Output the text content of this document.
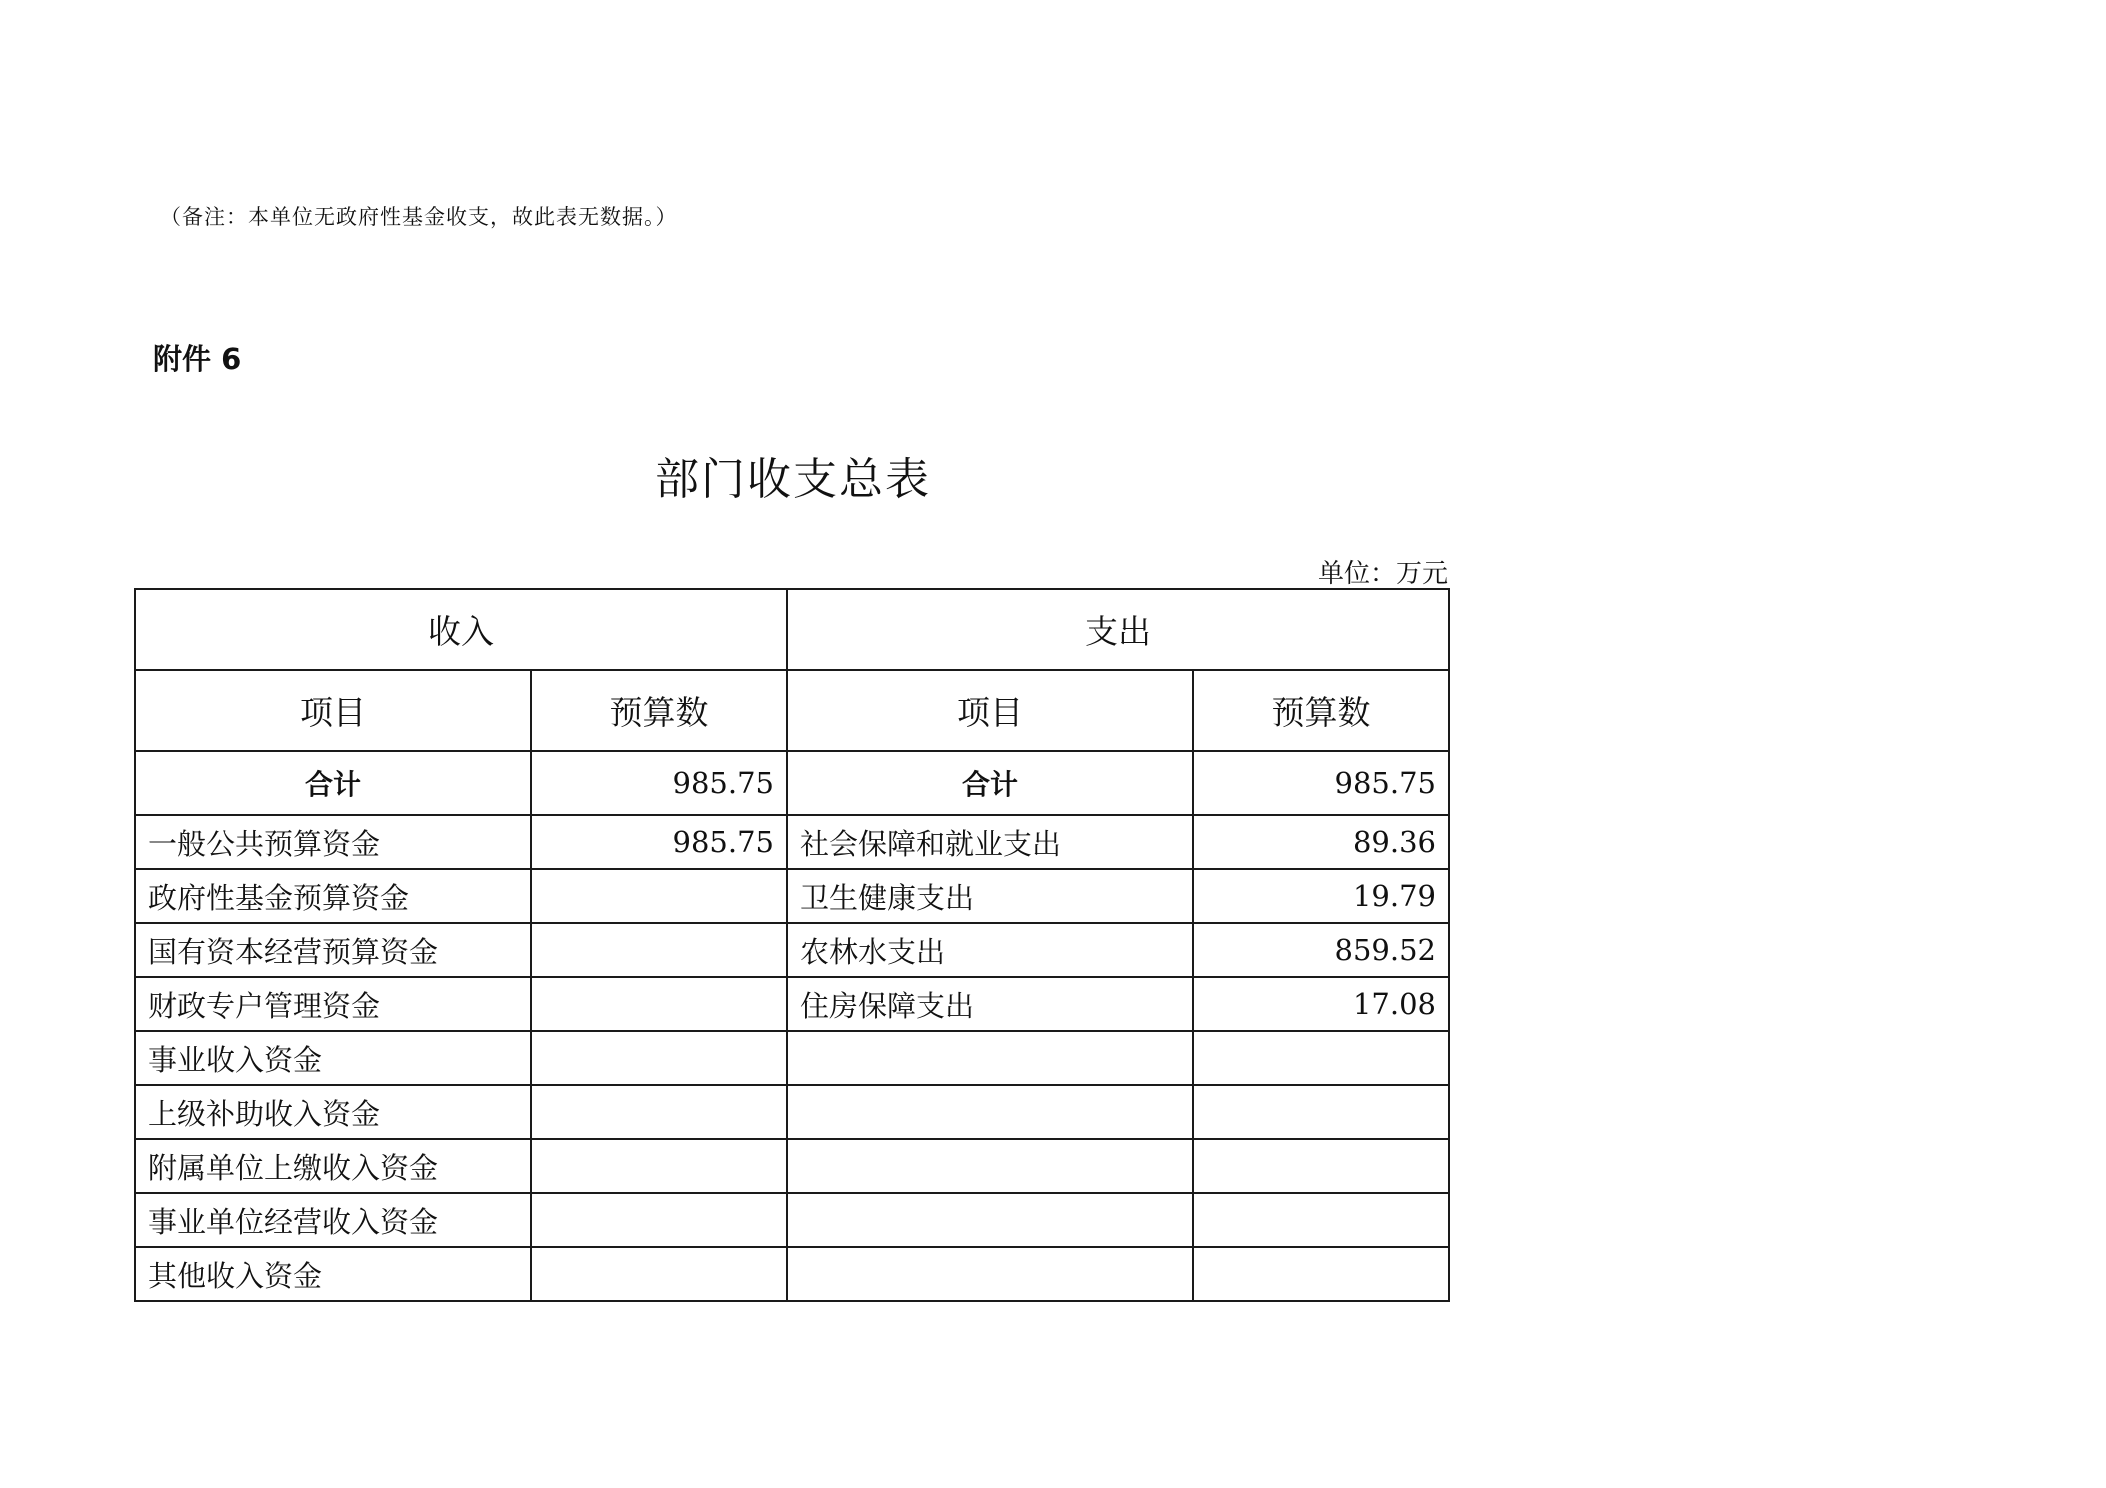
（备注：本单位无政府性基金收支，故此表无数据。）
附件 6
部门收支总表
单位：万元
收入		支出	
项目	预算数	项目	预算数
合计	985.75	合计	985.75
一般公共预算资金	985.75	社会保障和就业支出	89.36
政府性基金预算资金		卫生健康支出	19.79
国有资本经营预算资金		农林水支出	859.52
财政专户管理资金		住房保障支出	17.08
事业收入资金			
上级补助收入资金			
附属单位上缴收入资金			
事业单位经营收入资金			
其他收入资金			
